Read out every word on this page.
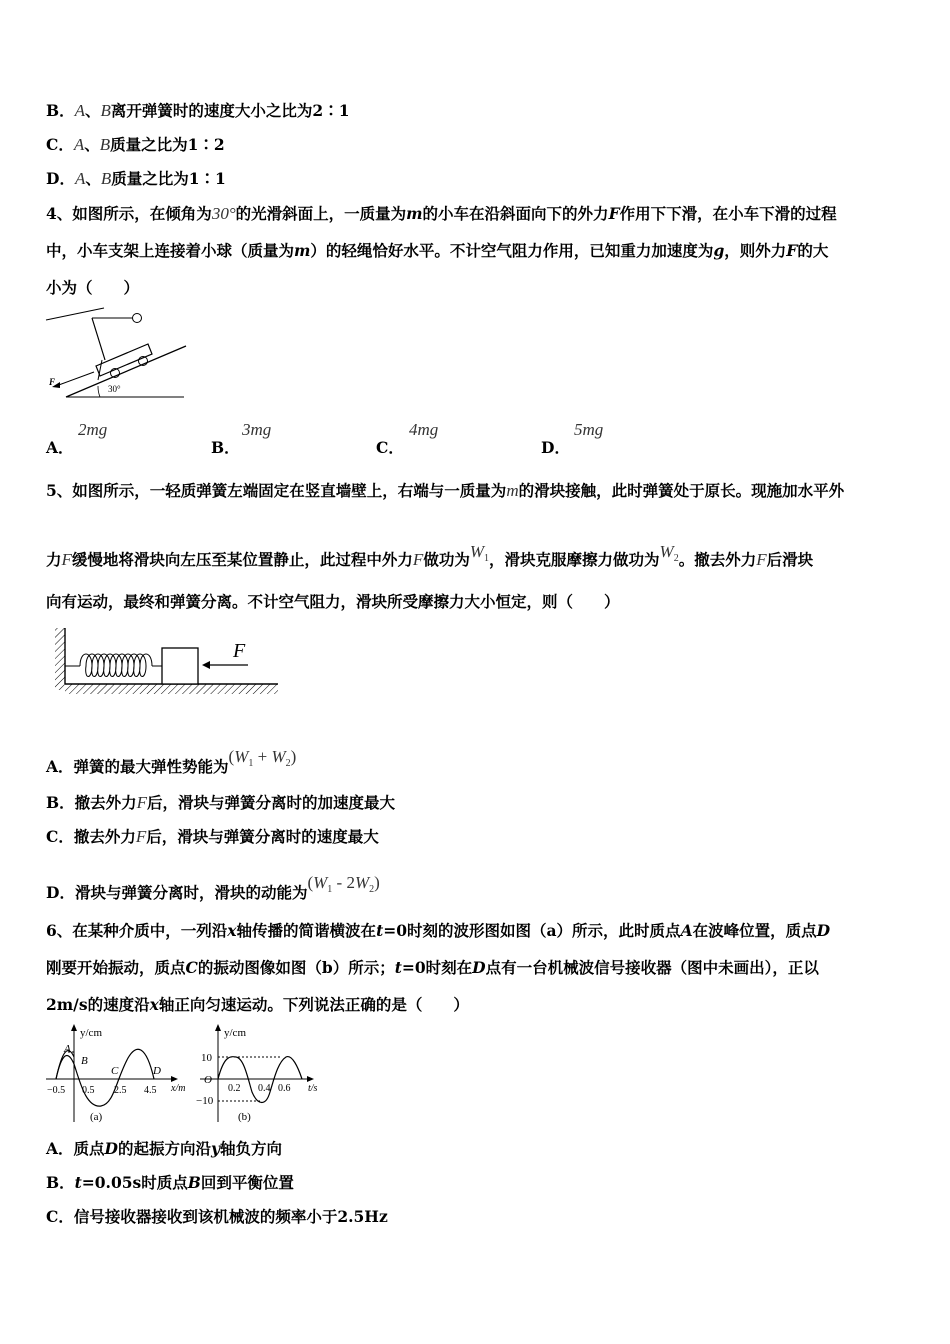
B．A、B离开弹簧时的速度大小之比为2∶1
C．A、B质量之比为1∶2
D．A、B质量之比为1∶1
4、如图所示，在倾角为30°的光滑斜面上，一质量为m的小车在沿斜面向下的外力F作用下下滑，在小车下滑的过程
中，小车支架上连接着小球（质量为m）的轻绳恰好水平。不计空气阻力作用，已知重力加速度为g，则外力F的大
小为（　　）
F
30°
A．
2mg
B．
3mg
C．
4mg
D．
5mg
5、如图所示，一轻质弹簧左端固定在竖直墙壁上，右端与一质量为m的滑块接触，此时弹簧处于原长。现施加水平外
力F缓慢地将滑块向左压至某位置静止，此过程中外力F做功为$W_1$，滑块克服摩擦力做功为$W_2$。撤去外力F后滑块
向有运动，最终和弹簧分离。不计空气阻力，滑块所受摩擦力大小恒定，则（　　）
F
A．弹簧的最大弹性势能为$(W_1 + W_2)$
B．撤去外力F后，滑块与弹簧分离时的加速度最大
C．撤去外力F后，滑块与弹簧分离时的速度最大
D．滑块与弹簧分离时，滑块的动能为$(W_1 - 2W_2)$
6、在某种介质中，一列沿x轴传播的简谐横波在t=0时刻的波形图如图（a）所示，此时质点A在波峰位置，质点D
刚要开始振动，质点C的振动图像如图（b）所示；t=0时刻在D点有一台机械波信号接收器（图中未画出），正以
2m/s的速度沿x轴正向匀速运动。下列说法正确的是（　　）
y/cm
A
B
C	D
x/m
−0.5 0.5 2.5 4.5
(a)
y/cm
10
O
−10
0.2 0.4 0.6 t/s
(b)
A．质点D的起振方向沿y轴负方向
B．t=0.05s时质点B回到平衡位置
C．信号接收器接收到该机械波的频率小于2.5Hz
